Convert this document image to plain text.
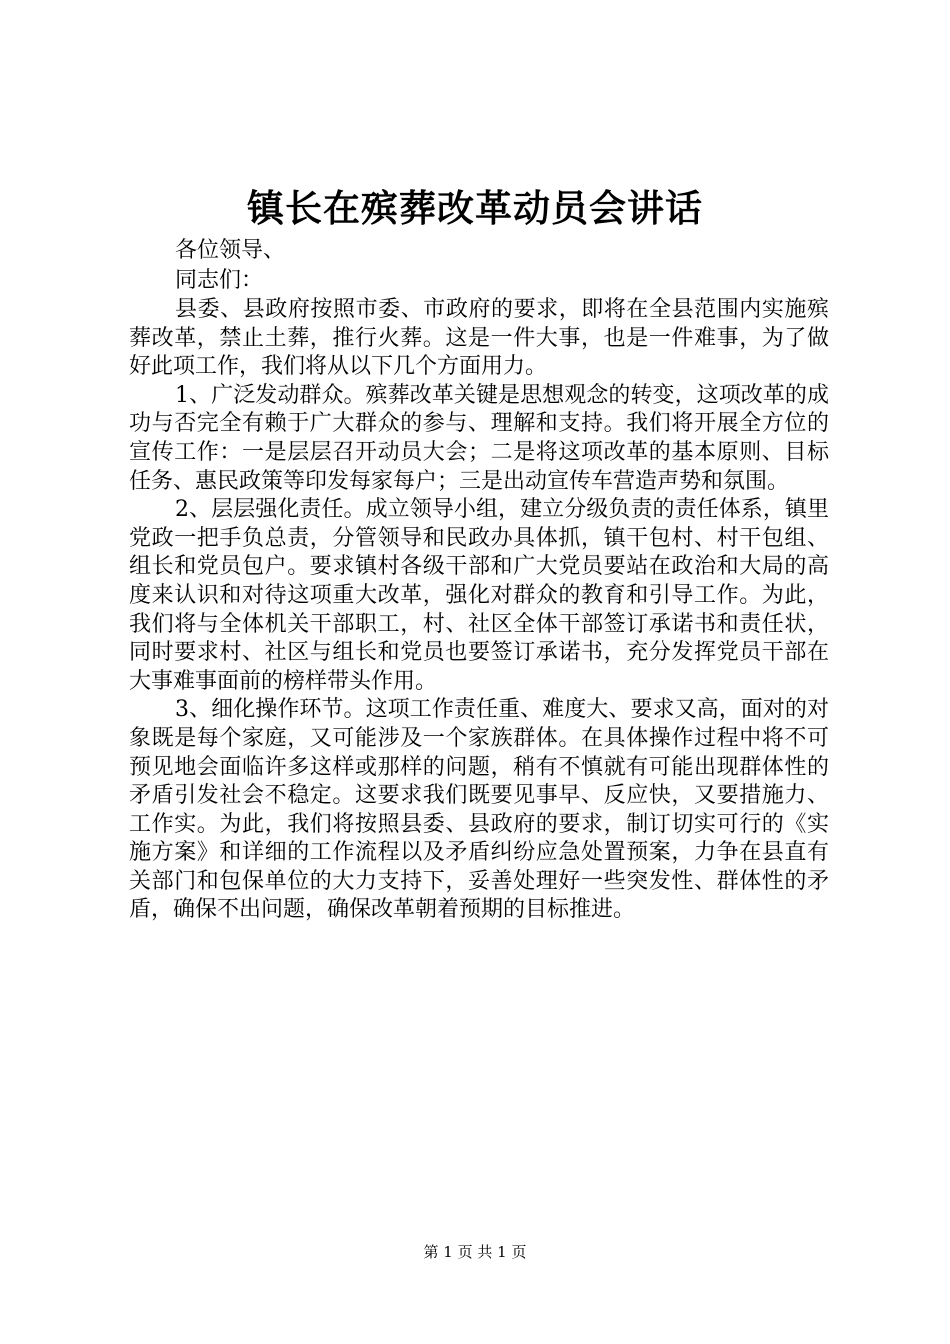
镇长在殡葬改革动员会讲话

各位领导、

同志们：

县委、县政府按照市委、市政府的要求，即将在全县范围内实施殡葬改革，禁止土葬，推行火葬。这是一件大事，也是一件难事，为了做好此项工作，我们将从以下几个方面用力。

1、广泛发动群众。殡葬改革关键是思想观念的转变，这项改革的成功与否完全有赖于广大群众的参与、理解和支持。我们将开展全方位的宣传工作：一是层层召开动员大会；二是将这项改革的基本原则、目标任务、惠民政策等印发每家每户；三是出动宣传车营造声势和氛围。

2、层层强化责任。成立领导小组，建立分级负责的责任体系，镇里党政一把手负总责，分管领导和民政办具体抓，镇干包村、村干包组、组长和党员包户。要求镇村各级干部和广大党员要站在政治和大局的高度来认识和对待这项重大改革，强化对群众的教育和引导工作。为此，我们将与全体机关干部职工，村、社区全体干部签订承诺书和责任状，同时要求村、社区与组长和党员也要签订承诺书，充分发挥党员干部在大事难事面前的榜样带头作用。

3、细化操作环节。这项工作责任重、难度大、要求又高，面对的对象既是每个家庭，又可能涉及一个家族群体。在具体操作过程中将不可预见地会面临许多这样或那样的问题，稍有不慎就有可能出现群体性的矛盾引发社会不稳定。这要求我们既要见事早、反应快，又要措施力、工作实。为此，我们将按照县委、县政府的要求，制订切实可行的《实施方案》和详细的工作流程以及矛盾纠纷应急处置预案，力争在县直有关部门和包保单位的大力支持下，妥善处理好一些突发性、群体性的矛盾，确保不出问题，确保改革朝着预期的目标推进。

第 1 页 共 1 页
